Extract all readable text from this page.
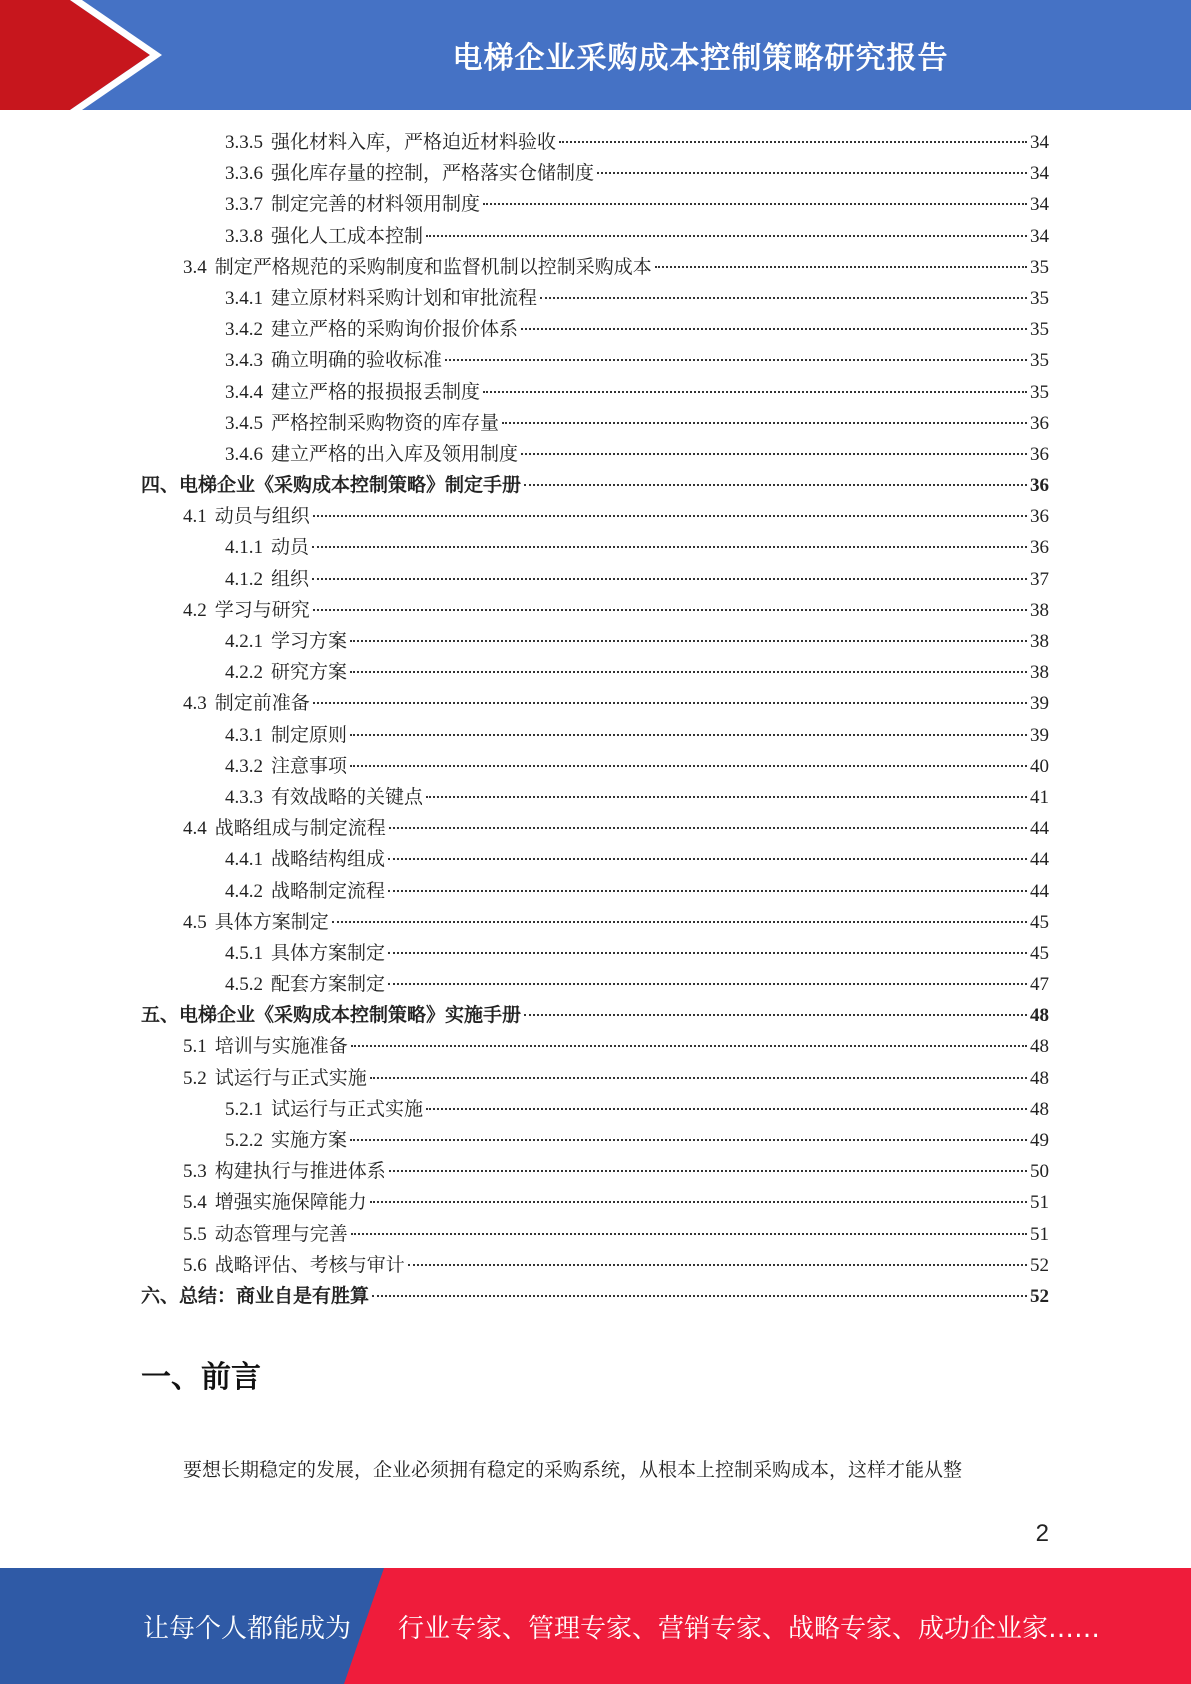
电梯企业采购成本控制策略研究报告
3.3.5 强化材料入库，严格迫近材料验收	34
3.3.6 强化库存量的控制，严格落实仓储制度	34
3.3.7 制定完善的材料领用制度	34
3.3.8 强化人工成本控制	34
3.4 制定严格规范的采购制度和监督机制以控制采购成本	35
3.4.1 建立原材料采购计划和审批流程	35
3.4.2 建立严格的采购询价报价体系	35
3.4.3 确立明确的验收标准	35
3.4.4 建立严格的报损报丢制度	35
3.4.5 严格控制采购物资的库存量	36
3.4.6 建立严格的出入库及领用制度	36
四、电梯企业《采购成本控制策略》制定手册	36
4.1 动员与组织	36
4.1.1 动员	36
4.1.2 组织	37
4.2 学习与研究	38
4.2.1 学习方案	38
4.2.2 研究方案	38
4.3 制定前准备	39
4.3.1 制定原则	39
4.3.2 注意事项	40
4.3.3 有效战略的关键点	41
4.4 战略组成与制定流程	44
4.4.1 战略结构组成	44
4.4.2 战略制定流程	44
4.5 具体方案制定	45
4.5.1 具体方案制定	45
4.5.2 配套方案制定	47
五、电梯企业《采购成本控制策略》实施手册	48
5.1 培训与实施准备	48
5.2 试运行与正式实施	48
5.2.1 试运行与正式实施	48
5.2.2 实施方案	49
5.3 构建执行与推进体系	50
5.4 增强实施保障能力	51
5.5 动态管理与完善	51
5.6 战略评估、考核与审计	52
六、总结：商业自是有胜算	52
一、前言
要想长期稳定的发展，企业必须拥有稳定的采购系统，从根本上控制采购成本，这样才能从整
2
让每个人都能成为 行业专家、管理专家、营销专家、战略专家、成功企业家……
